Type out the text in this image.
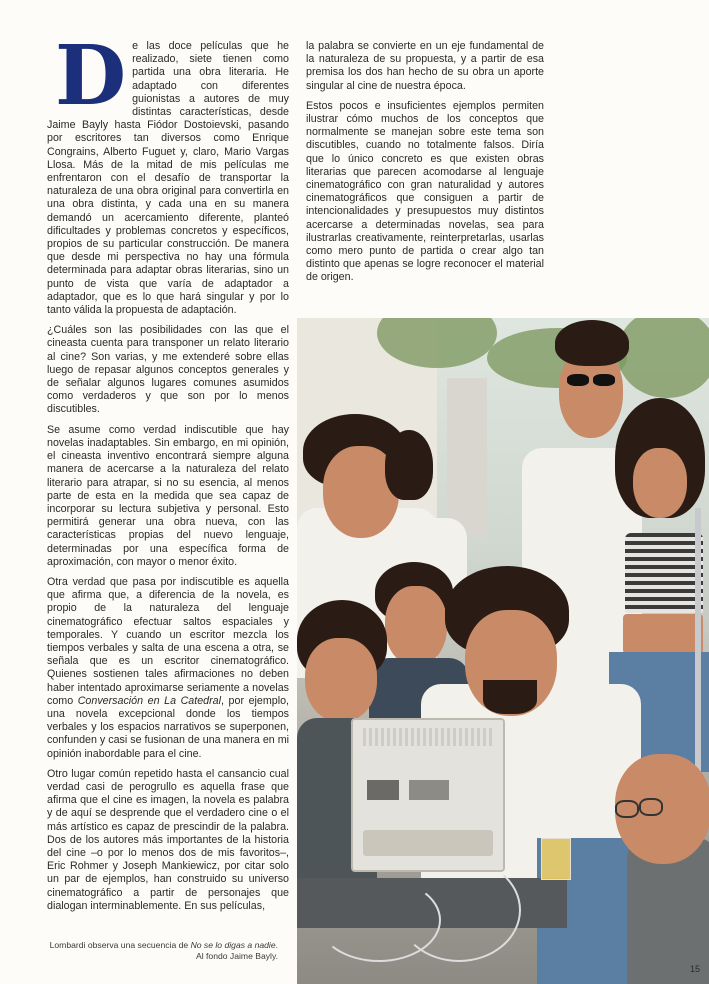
De las doce películas que he realizado, siete tienen como partida una obra literaria. He adaptado con diferentes guionistas a autores de muy distintas características, desde Jaime Bayly hasta Fiódor Dostoievski, pasando por escritores tan diversos como Enrique Congrains, Alberto Fuguet y, claro, Mario Vargas Llosa. Más de la mitad de mis películas me enfrentaron con el desafío de transportar la naturaleza de una obra original para convertirla en una obra distinta, y cada una en su manera demandó un acercamiento diferente, planteó dificultades y problemas concretos y específicos, propios de su particular construcción. De manera que desde mi perspectiva no hay una fórmula determinada para adaptar obras literarias, sino un punto de vista que varía de adaptador a adaptador, que es lo que hará singular y por lo tanto válida la propuesta de adaptación.

¿Cuáles son las posibilidades con las que el cineasta cuenta para transponer un relato literario al cine? Son varias, y me extenderé sobre ellas luego de repasar algunos conceptos generales y de señalar algunos lugares comunes asumidos como verdaderos y que son por lo menos discutibles.

Se asume como verdad indiscutible que hay novelas inadaptables. Sin embargo, en mi opinión, el cineasta inventivo encontrará siempre alguna manera de acercarse a la naturaleza del relato literario para atrapar, si no su esencia, al menos parte de esta en la medida que sea capaz de incorporar su lectura subjetiva y personal. Esto permitirá generar una obra nueva, con las características propias del nuevo lenguaje, determinadas por una específica forma de aproximación, con mayor o menor éxito.

Otra verdad que pasa por indiscutible es aquella que afirma que, a diferencia de la novela, es propio de la naturaleza del lenguaje cinematográfico efectuar saltos espaciales y temporales. Y cuando un escritor mezcla los tiempos verbales y salta de una escena a otra, se señala que es un escritor cinematográfico. Quienes sostienen tales afirmaciones no deben haber intentado aproximarse seriamente a novelas como Conversación en La Catedral, por ejemplo, una novela excepcional donde los tiempos verbales y los espacios narrativos se superponen, confunden y casi se fusionan de una manera en mi opinión inabordable para el cine.

Otro lugar común repetido hasta el cansancio cual verdad casi de perogrullo es aquella frase que afirma que el cine es imagen, la novela es palabra y de aquí se desprende que el verdadero cine o el más artístico es capaz de prescindir de la palabra. Dos de los autores más importantes de la historia del cine –o por lo menos dos de mis favoritos–, Eric Rohmer y Joseph Mankiewicz, por citar solo un par de ejemplos, han construido su universo cinematográfico a partir de personajes que dialogan interminablemente. En sus películas,

la palabra se convierte en un eje fundamental de la naturaleza de su propuesta, y a partir de esa premisa los dos han hecho de su obra un aporte singular al cine de nuestra época.

Estos pocos e insuficientes ejemplos permiten ilustrar cómo muchos de los conceptos que normalmente se manejan sobre este tema son discutibles, cuando no totalmente falsos. Diría que lo único concreto es que existen obras literarias que parecen acomodarse al lenguaje cinematográfico con gran naturalidad y autores cinematográficos que consiguen a partir de intencionalidades y presupuestos muy distintos acercarse a determinadas novelas, sea para ilustrarlas creativamente, reinterpretarlas, usarlas como mero punto de partida o crear algo tan distinto que apenas se logre reconocer el material de origen.

Lombardi observa una secuencia de No se lo digas a nadie.
Al fondo Jaime Bayly.
15
